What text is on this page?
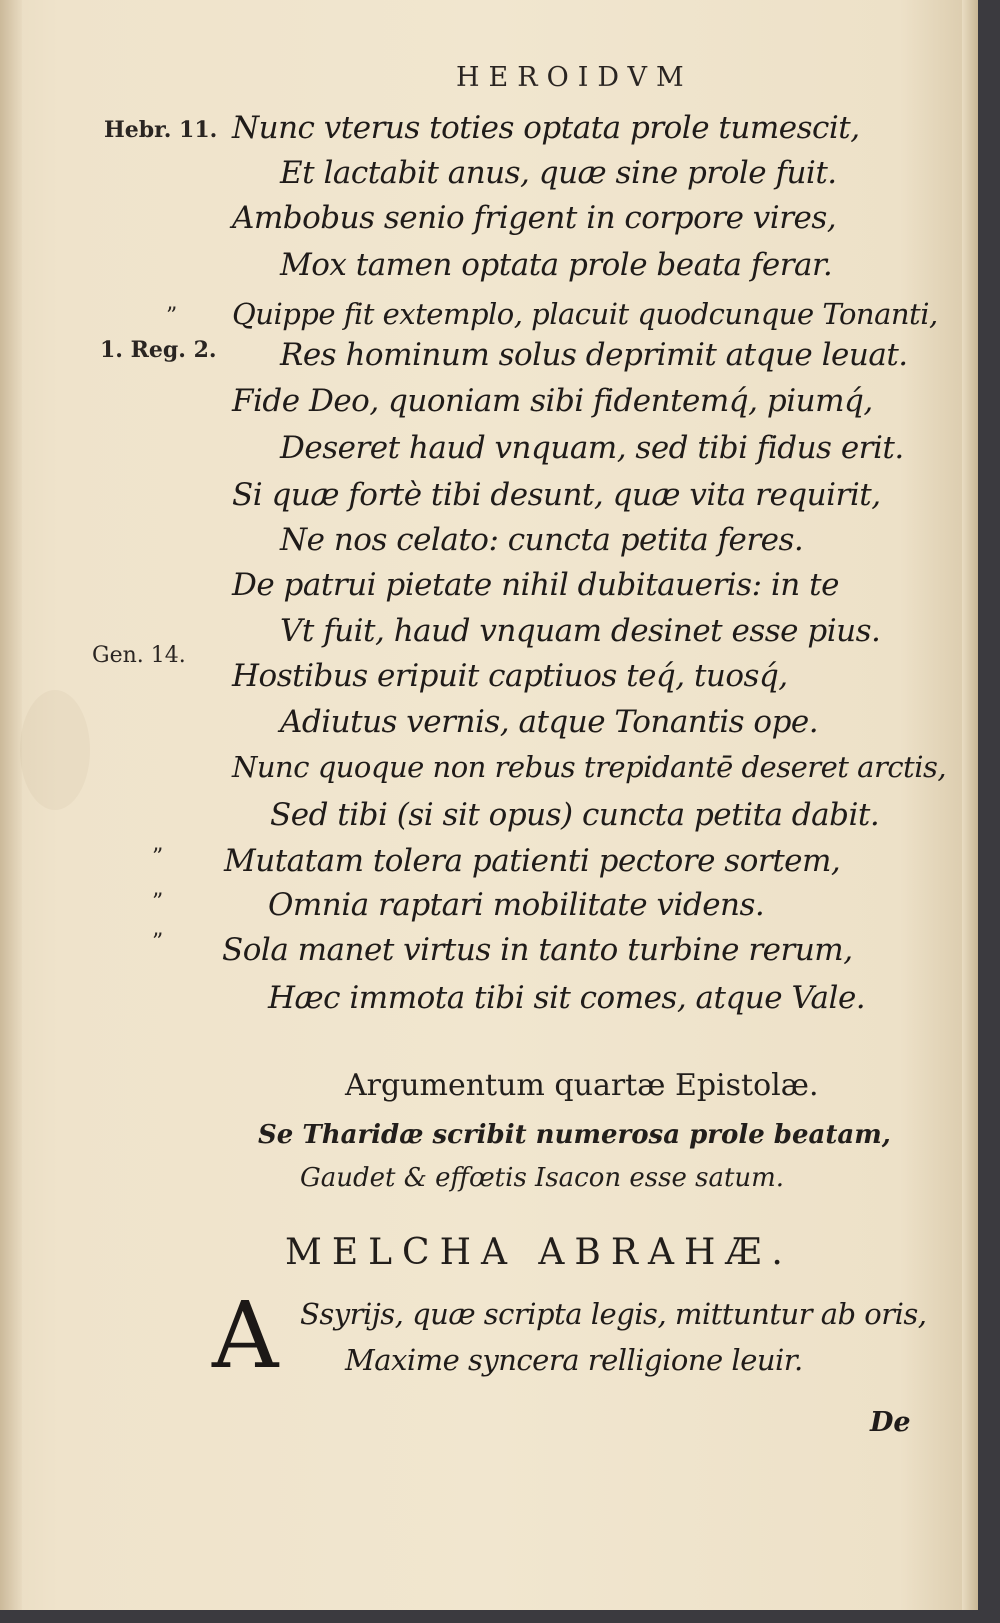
HEROIDVM
Hebr. 11.
1. Reg. 2.
Gen. 14.
”
”
”
”
Nunc vterus toties optata prole tumescit,
Et lactabit anus, quæ sine prole fuit.
Ambobus senio frigent in corpore vires,
Mox tamen optata prole beata ferar.
Quippe fit extemplo, placuit quodcunque Tonanti,
Res hominum solus deprimit atque leuat.
Fide Deo, quoniam sibi fidentemq́, piumq́,
Deseret haud vnquam, sed tibi fidus erit.
Si quæ fortè tibi desunt, quæ vita requirit,
Ne nos celato: cuncta petita feres.
De patrui pietate nihil dubitaueris: in te
Vt fuit, haud vnquam desinet esse pius.
Hostibus eripuit captiuos teq́, tuosq́,
Adiutus vernis, atque Tonantis ope.
Nunc quoque non rebus trepidantē deseret arctis,
Sed tibi (si sit opus) cuncta petita dabit.
Mutatam tolera patienti pectore sortem,
Omnia raptari mobilitate videns.
Sola manet virtus in tanto turbine rerum,
Hæc immota tibi sit comes, atque Vale.
Argumentum quartæ Epistolæ.
Se Tharidæ scribit numerosa prole beatam,
Gaudet & effœtis Isacon esse satum.
MELCHA ABRAHÆ.
A Ssyrijs, quæ scripta legis, mittuntur ab oris,
Maxime syncera relligione leuir.
De
